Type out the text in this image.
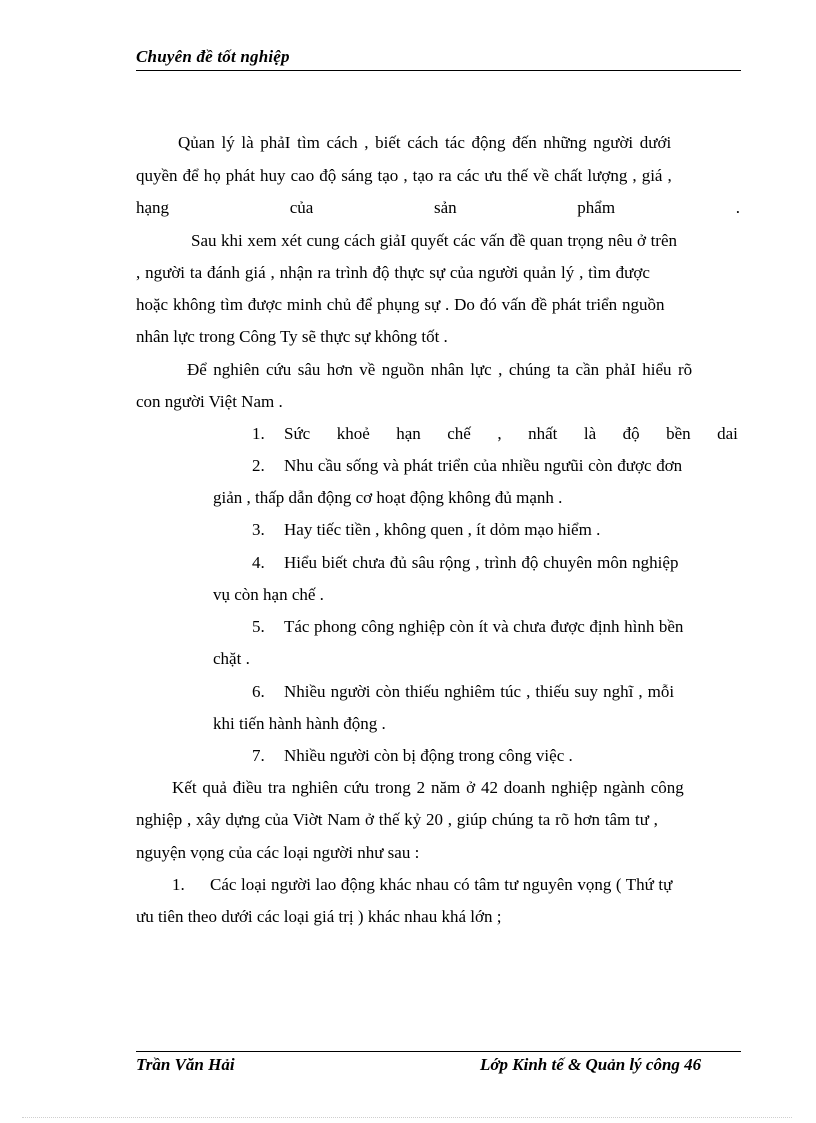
Chuyên đề tốt nghiệp
Qủan lý là phảI tìm cách , biết cách tác động đến những người dưới
quyền để họ phát huy cao độ sáng tạo , tạo ra các ưu thế về chất lượng , giá ,
hạng	của	sản	phẩm	.
Sau khi xem xét cung cách giảI quyết các vấn đề quan trọng nêu ở trên
, người ta đánh giá , nhận ra trình độ thực sự của người quản lý , tìm được
hoặc không tìm được minh chủ để phụng sự . Do đó vấn đề phát triển nguồn
nhân lực trong Công Ty sẽ thực sự không tốt .
Để nghiên cứu sâu hơn về nguồn nhân lực , chúng ta cần phảI hiểu rõ
con người Việt Nam .
1. Sức khoẻ hạn chế , nhất là độ bền dai
2. Nhu cầu sống và phát triển của nhiều ngưũi còn được đơn
giản , thấp dẫn động cơ hoạt động không đủ mạnh .
3. Hay tiếc tiền , không quen , ít dỏm mạo hiểm .
4. Hiểu biết chưa đủ sâu rộng , trình độ chuyên môn nghiệp
vụ còn hạn chế .
5. Tác phong công nghiệp còn ít và chưa được định hình bền
chặt .
6. Nhiều người còn thiếu nghiêm túc , thiếu suy nghĩ , mỗi
khi tiến hành hành động .
7. Nhiều người còn bị động trong công việc .
Kết quả điều tra nghiên cứu trong 2 năm ở 42 doanh nghiệp ngành công
nghiệp , xây dựng của Viờt Nam ở thế kỷ 20 , giúp chúng ta rõ hơn tâm tư ,
nguyện vọng của các loại người như sau :
1. Các loại người lao động khác nhau có tâm tư nguyên vọng ( Thứ tự
ưu tiên theo dưới các loại giá trị ) khác nhau khá lớn ;
Trần Văn Hải	Lớp Kinh tế & Quản lý công 46
